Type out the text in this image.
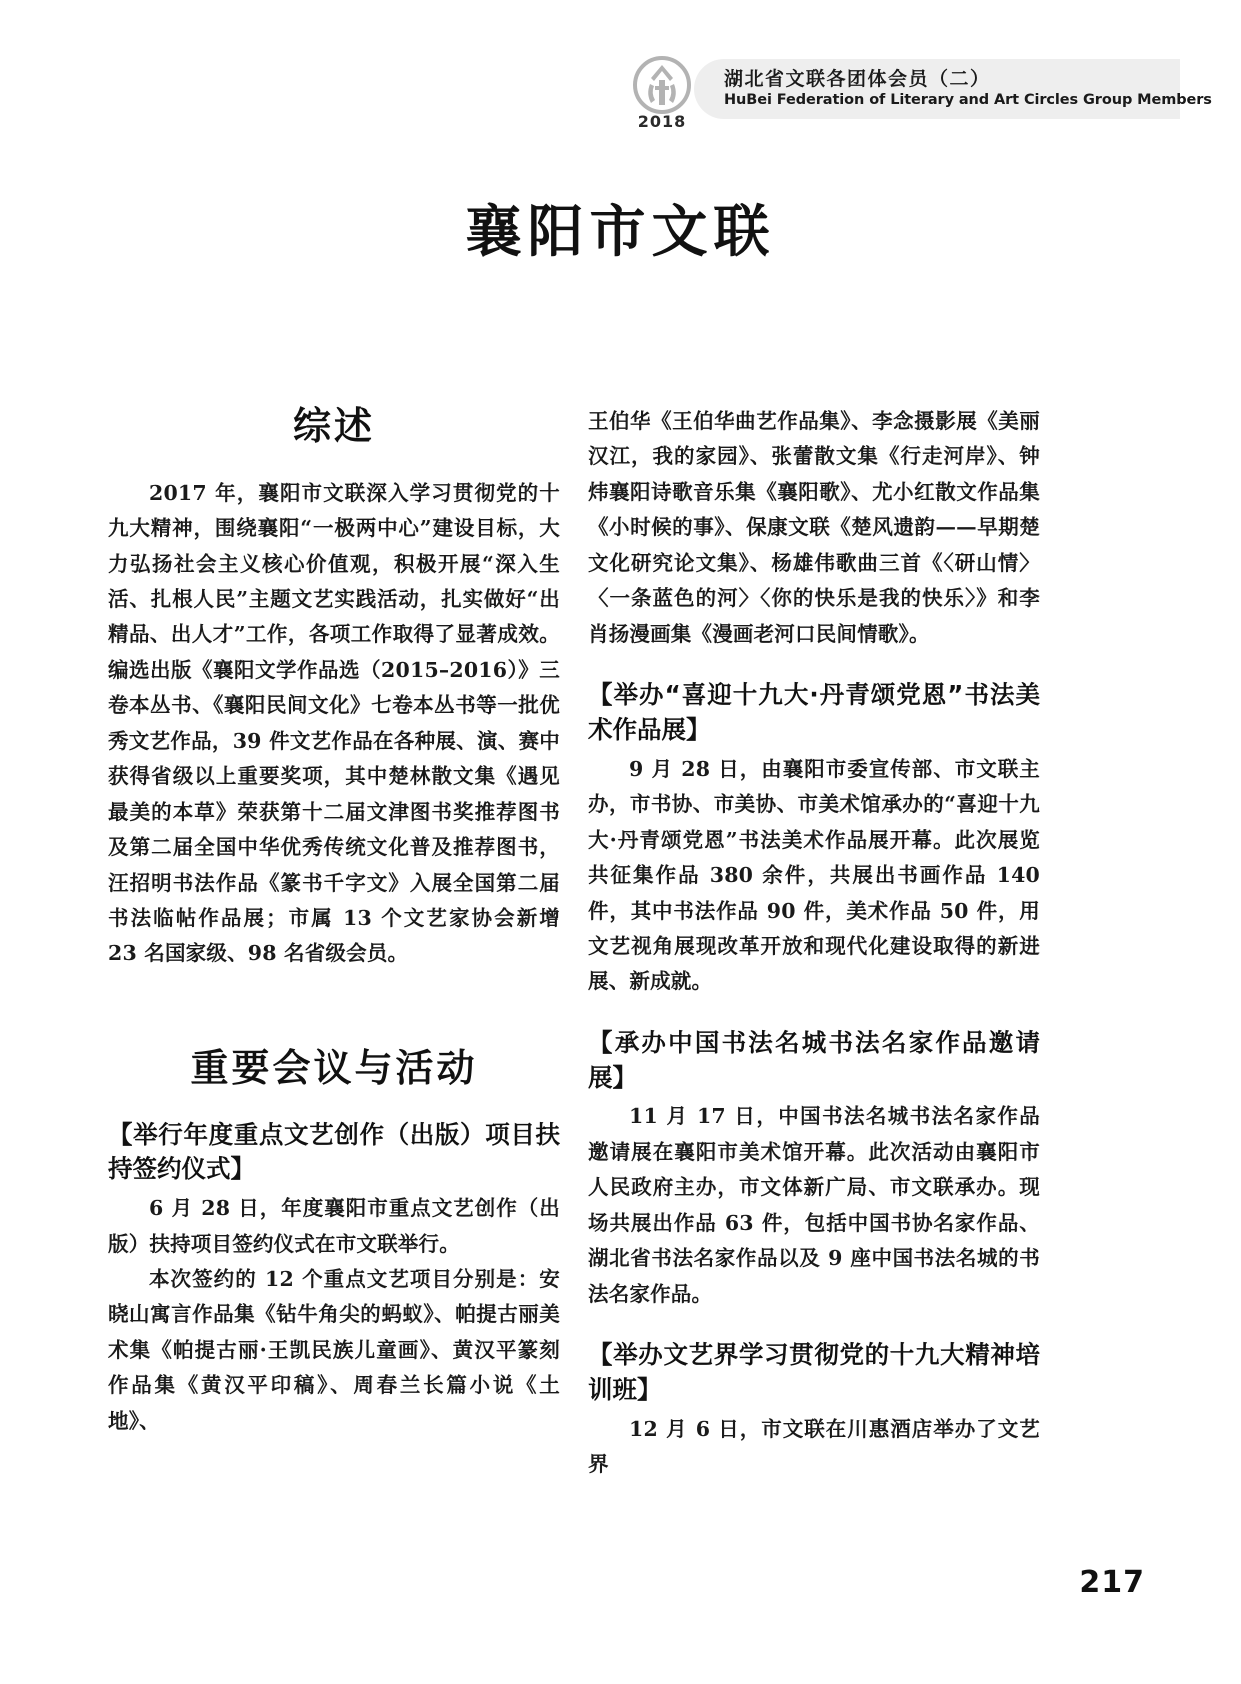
2018
湖北省文联各团体会员（二）
HuBei Federation of Literary and Art Circles Group Members
襄阳市文联
综述

2017 年，襄阳市文联深入学习贯彻党的十九大精神，围绕襄阳“一极两中心”建设目标，大力弘扬社会主义核心价值观，积极开展“深入生活、扎根人民”主题文艺实践活动，扎实做好“出精品、出人才”工作，各项工作取得了显著成效。编选出版《襄阳文学作品选（2015–2016）》三卷本丛书、《襄阳民间文化》七卷本丛书等一批优秀文艺作品，39 件文艺作品在各种展、演、赛中获得省级以上重要奖项，其中楚林散文集《遇见最美的本草》荣获第十二届文津图书奖推荐图书及第二届全国中华优秀传统文化普及推荐图书，汪招明书法作品《篆书千字文》入展全国第二届书法临帖作品展；市属 13 个文艺家协会新增 23 名国家级、98 名省级会员。

重要会议与活动
【举行年度重点文艺创作（出版）项目扶持签约仪式】

6 月 28 日，年度襄阳市重点文艺创作（出版）扶持项目签约仪式在市文联举行。

本次签约的 12 个重点文艺项目分别是：安晓山寓言作品集《钻牛角尖的蚂蚁》、帕提古丽美术集《帕提古丽·王凯民族儿童画》、黄汉平篆刻作品集《黄汉平印稿》、周春兰长篇小说《土地》、

王伯华《王伯华曲艺作品集》、李念摄影展《美丽汉江，我的家园》、张蕾散文集《行走河岸》、钟炜襄阳诗歌音乐集《襄阳歌》、尤小红散文作品集《小时候的事》、保康文联《楚风遗韵——早期楚文化研究论文集》、杨雄伟歌曲三首《〈研山情〉〈一条蓝色的河〉〈你的快乐是我的快乐〉》和李肖扬漫画集《漫画老河口民间情歌》。

【举办“喜迎十九大·丹青颂党恩”书法美术作品展】

9 月 28 日，由襄阳市委宣传部、市文联主办，市书协、市美协、市美术馆承办的“喜迎十九大·丹青颂党恩”书法美术作品展开幕。此次展览共征集作品 380 余件，共展出书画作品 140 件，其中书法作品 90 件，美术作品 50 件，用文艺视角展现改革开放和现代化建设取得的新进展、新成就。

【承办中国书法名城书法名家作品邀请展】

11 月 17 日，中国书法名城书法名家作品邀请展在襄阳市美术馆开幕。此次活动由襄阳市人民政府主办，市文体新广局、市文联承办。现场共展出作品 63 件，包括中国书协名家作品、湖北省书法名家作品以及 9 座中国书法名城的书法名家作品。

【举办文艺界学习贯彻党的十九大精神培训班】

12 月 6 日，市文联在川惠酒店举办了文艺界

217
